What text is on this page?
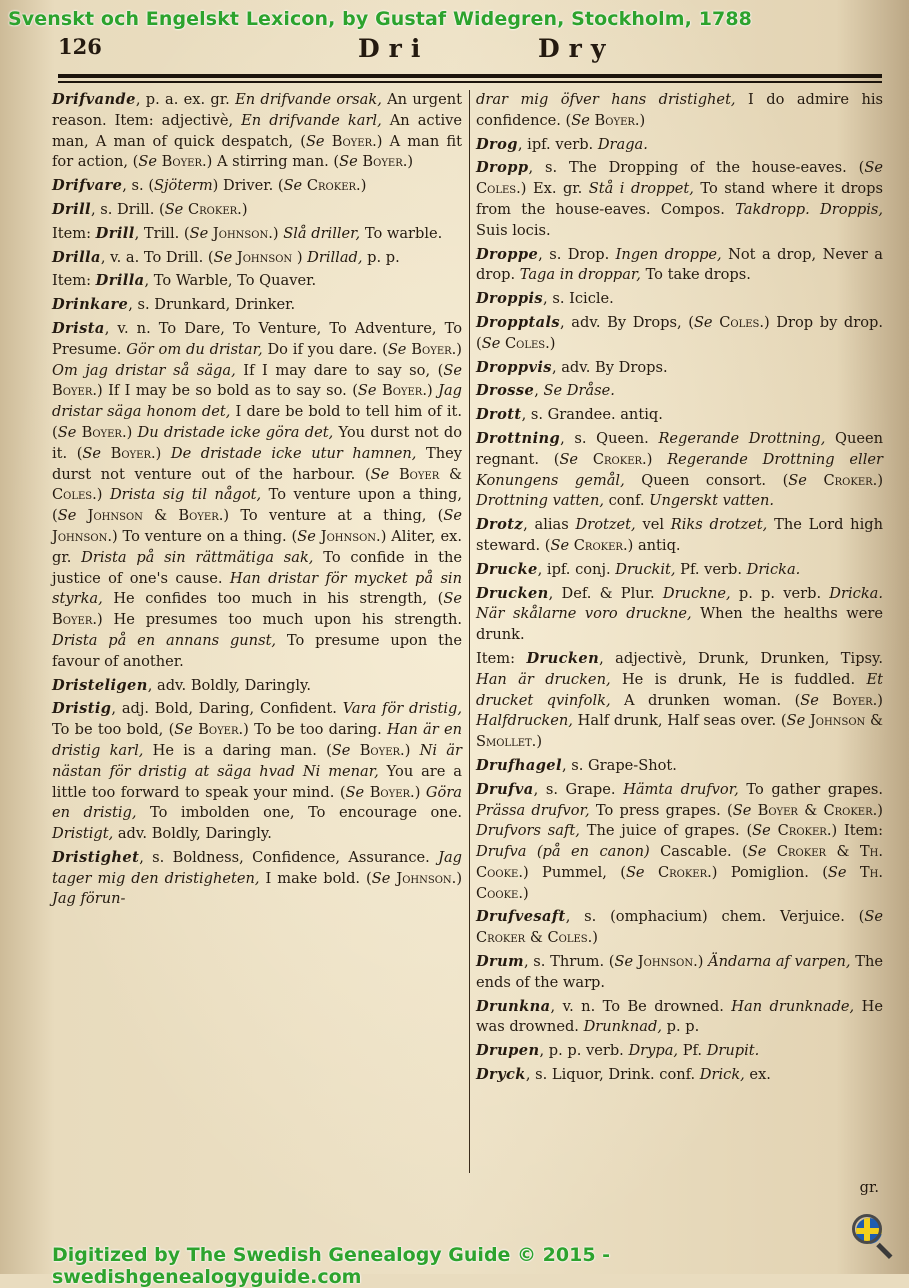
Svenskt och Engelskt Lexicon, by Gustaf Widegren, Stockholm, 1788
126	Dri	Dry

Drifvande, p. a. ex. gr. En drifvande orsak, An urgent reason. Item: adjectivè, En drifvande karl, An active man, A man of quick despatch, (Se Boyer.) A man fit for action, (Se Boyer.) A stirring man. (Se Boyer.)

Drifvare, s. (Sjöterm) Driver. (Se Croker.)

Drill, s. Drill. (Se Croker.)

Item: Drill, Trill. (Se Johnson.) Slå driller, To warble.

Drilla, v. a. To Drill. (Se Johnson ) Drillad, p. p.

Item: Drilla, To Warble, To Quaver.

Drinkare, s. Drunkard, Drinker.

Drista, v. n. To Dare, To Venture, To Adventure, To Presume. Gör om du dristar, Do if you dare. (Se Boyer.) Om jag dristar så säga, If I may dare to say so, (Se Boyer.) If I may be so bold as to say so. (Se Boyer.) Jag dristar säga honom det, I dare be bold to tell him of it. (Se Boyer.) Du dristade icke göra det, You durst not do it. (Se Boyer.) De dristade icke utur hamnen, They durst not venture out of the harbour. (Se Boyer & Coles.) Drista sig til något, To venture upon a thing, (Se Johnson & Boyer.) To venture at a thing, (Se Johnson.) To venture on a thing. (Se Johnson.) Aliter, ex. gr. Drista på sin rättmätiga sak, To confide in the justice of one's cause. Han dristar för mycket på sin styrka, He confides too much in his strength, (Se Boyer.) He presumes too much upon his strength. Drista på en annans gunst, To presume upon the favour of another.

Dristeligen, adv. Boldly, Daringly.

Dristig, adj. Bold, Daring, Confident. Vara för dristig, To be too bold, (Se Boyer.) To be too daring. Han är en dristig karl, He is a daring man. (Se Boyer.) Ni är nästan för dristig at säga hvad Ni menar, You are a little too forward to speak your mind. (Se Boyer.) Göra en dristig, To imbolden one, To encourage one. Dristigt, adv. Boldly, Daringly.

Dristighet, s. Boldness, Confidence, Assurance. Jag tager mig den dristigheten, I make bold. (Se Johnson.) Jag förun-

drar mig öfver hans dristighet, I do admire his confidence. (Se Boyer.)

Drog, ipf. verb. Draga.

Dropp, s. The Dropping of the house-eaves. (Se Coles.) Ex. gr. Stå i droppet, To stand where it drops from the house-eaves. Compos. Takdropp. Droppis, Suis locis.

Droppe, s. Drop. Ingen droppe, Not a drop, Never a drop. Taga in droppar, To take drops.

Droppis, s. Icicle.

Dropptals, adv. By Drops, (Se Coles.) Drop by drop. (Se Coles.)

Droppvis, adv. By Drops.

Drosse, Se Dråse.

Drott, s. Grandee. antiq.

Drottning, s. Queen. Regerande Drottning, Queen regnant. (Se Croker.) Regerande Drottning eller Konungens gemål, Queen consort. (Se Croker.) Drottning vatten, conf. Ungerskt vatten.

Drotz, alias Drotzet, vel Riks drotzet, The Lord high steward. (Se Croker.) antiq.

Drucke, ipf. conj. Druckit, Pf. verb. Dricka.

Drucken, Def. & Plur. Druckne, p. p. verb. Dricka. När skålarne voro druckne, When the healths were drunk.

Item: Drucken, adjectivè, Drunk, Drunken, Tipsy. Han är drucken, He is drunk, He is fuddled. Et drucket qvinfolk, A drunken woman. (Se Boyer.) Halfdrucken, Half drunk, Half seas over. (Se Johnson & Smollet.)

Drufhagel, s. Grape-Shot.

Drufva, s. Grape. Hämta drufvor, To gather grapes. Prässa drufvor, To press grapes. (Se Boyer & Croker.) Drufvors saft, The juice of grapes. (Se Croker.) Item: Drufva (på en canon) Cascable. (Se Croker & Th. Cooke.) Pummel, (Se Croker.) Pomiglion. (Se Th. Cooke.)

Drufvesaft, s. (omphacium) chem. Verjuice. (Se Croker & Coles.)

Drum, s. Thrum. (Se Johnson.) Ändarna af varpen, The ends of the warp.

Drunkna, v. n. To Be drowned. Han drunknade, He was drowned. Drunknad, p. p.

Drupen, p. p. verb. Drypa, Pf. Drupit.

Dryck, s. Liquor, Drink. conf. Drick, ex.

gr.
Digitized by The Swedish Genealogy Guide © 2015 - swedishgenealogyguide.com
